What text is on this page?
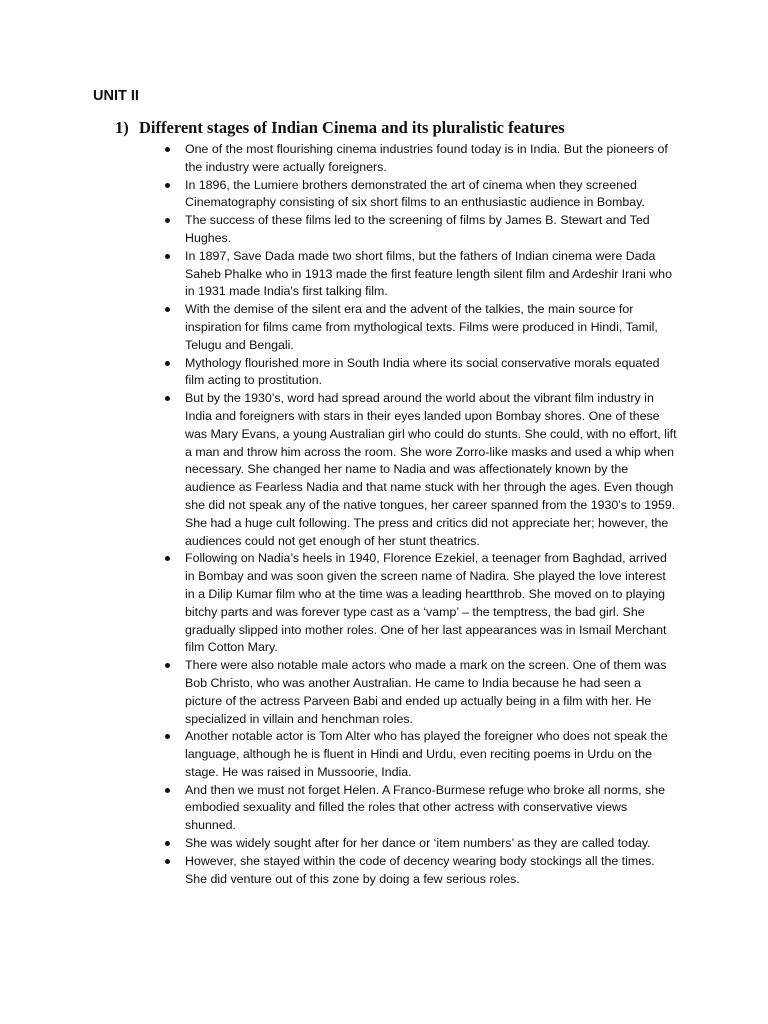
UNIT II
1) Different stages of Indian Cinema and its pluralistic features
One of the most flourishing cinema industries found today is in India. But the pioneers of the industry were actually foreigners.
In 1896, the Lumiere brothers demonstrated the art of cinema when they screened Cinematography consisting of six short films to an enthusiastic audience in Bombay.
The success of these films led to the screening of films by James B. Stewart and Ted Hughes.
In 1897, Save Dada made two short films, but the fathers of Indian cinema were Dada Saheb Phalke who in 1913 made the first feature length silent film and Ardeshir Irani who in 1931 made India's first talking film.
With the demise of the silent era and the advent of the talkies, the main source for inspiration for films came from mythological texts. Films were produced in Hindi, Tamil, Telugu and Bengali.
Mythology flourished more in South India where its social conservative morals equated film acting to prostitution.
But by the 1930’s, word had spread around the world about the vibrant film industry in India and foreigners with stars in their eyes landed upon Bombay shores. One of these was Mary Evans, a young Australian girl who could do stunts. She could, with no effort, lift a man and throw him across the room. She wore Zorro-like masks and used a whip when necessary. She changed her name to Nadia and was affectionately known by the audience as Fearless Nadia and that name stuck with her through the ages. Even though she did not speak any of the native tongues, her career spanned from the 1930’s to 1959. She had a huge cult following. The press and critics did not appreciate her; however, the audiences could not get enough of her stunt theatrics.
Following on Nadia’s heels in 1940, Florence Ezekiel, a teenager from Baghdad, arrived in Bombay and was soon given the screen name of Nadira. She played the love interest in a Dilip Kumar film who at the time was a leading heartthrob. She moved on to playing bitchy parts and was forever type cast as a ‘vamp’ – the temptress, the bad girl. She gradually slipped into mother roles. One of her last appearances was in Ismail Merchant film Cotton Mary.
There were also notable male actors who made a mark on the screen. One of them was Bob Christo, who was another Australian. He came to India because he had seen a picture of the actress Parveen Babi and ended up actually being in a film with her. He specialized in villain and henchman roles.
Another notable actor is Tom Alter who has played the foreigner who does not speak the language, although he is fluent in Hindi and Urdu, even reciting poems in Urdu on the stage. He was raised in Mussoorie, India.
And then we must not forget Helen. A Franco-Burmese refuge who broke all norms, she embodied sexuality and filled the roles that other actress with conservative views shunned.
She was widely sought after for her dance or ‘item numbers’ as they are called today.
However, she stayed within the code of decency wearing body stockings all the times. She did venture out of this zone by doing a few serious roles.
